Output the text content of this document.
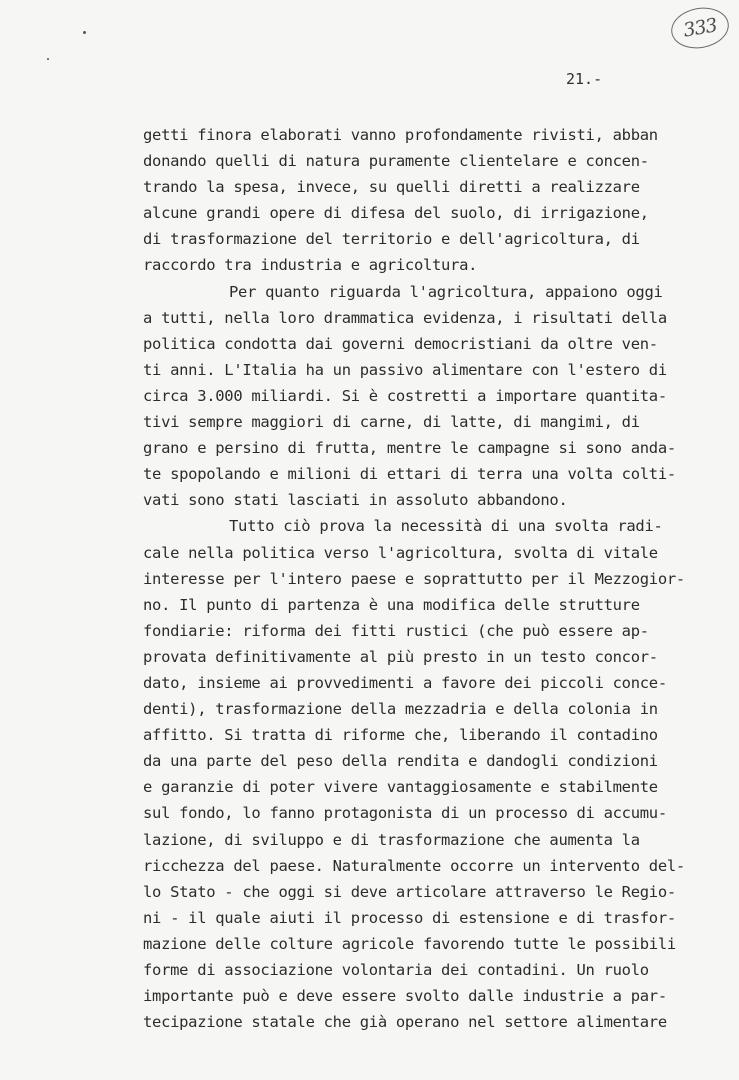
333
21.-
getti finora elaborati vanno profondamente rivisti, abban
donando quelli di natura puramente clientelare e concen-
trando la spesa, invece, su quelli diretti a realizzare
alcune grandi opere di difesa del suolo, di irrigazione,
di trasformazione del territorio e dell'agricoltura, di
raccordo tra industria e agricoltura.
Per quanto riguarda l'agricoltura, appaiono oggi
a tutti, nella loro drammatica evidenza, i risultati della
politica condotta dai governi democristiani da oltre ven-
ti anni. L'Italia ha un passivo alimentare con l'estero di
circa 3.000 miliardi. Si è costretti a importare quantita-
tivi sempre maggiori di carne, di latte, di mangimi, di
grano e persino di frutta, mentre le campagne si sono anda-
te spopolando e milioni di ettari di terra una volta colti-
vati sono stati lasciati in assoluto abbandono.
Tutto ciò prova la necessità di una svolta radi-
cale nella politica verso l'agricoltura, svolta di vitale
interesse per l'intero paese e soprattutto per il Mezzogior-
no. Il punto di partenza è una modifica delle strutture
fondiarie: riforma dei fitti rustici (che può essere ap-
provata definitivamente al più presto in un testo concor-
dato, insieme ai provvedimenti a favore dei piccoli conce-
denti), trasformazione della mezzadria e della colonia in
affitto. Si tratta di riforme che, liberando il contadino
da una parte del peso della rendita e dandogli condizioni
e garanzie di poter vivere vantaggiosamente e stabilmente
sul fondo, lo fanno protagonista di un processo di accumu-
lazione, di sviluppo e di trasformazione che aumenta la
ricchezza del paese. Naturalmente occorre un intervento del-
lo Stato - che oggi si deve articolare attraverso le Regio-
ni - il quale aiuti il processo di estensione e di trasfor-
mazione delle colture agricole favorendo tutte le possibili
forme di associazione volontaria dei contadini. Un ruolo
importante può e deve essere svolto dalle industrie a par-
tecipazione statale che già operano nel settore alimentare
